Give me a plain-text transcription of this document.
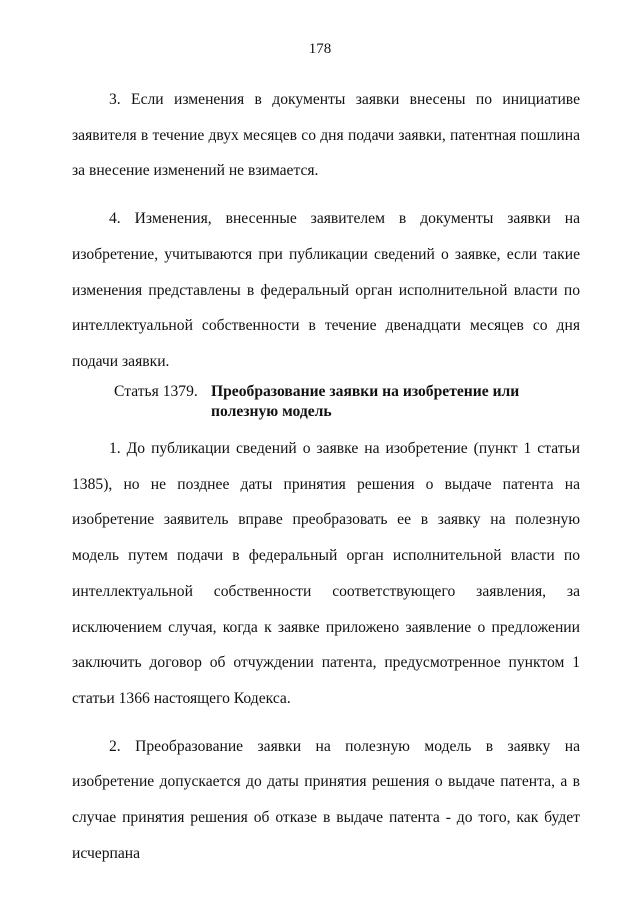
178

3. Если изменения в документы заявки внесены по инициативе заявителя в течение двух месяцев со дня подачи заявки, патентная пошлина за внесение изменений не взимается.

4. Изменения, внесенные заявителем в документы заявки на изобретение, учитываются при публикации сведений о заявке, если такие изменения представлены в федеральный орган исполнительной власти по интеллектуальной собственности в течение двенадцати месяцев со дня подачи заявки.

Статья 1379. Преобразование заявки на изобретение или полезную модель

1. До публикации сведений о заявке на изобретение (пункт 1 статьи 1385), но не позднее даты принятия решения о выдаче патента на изобретение заявитель вправе преобразовать ее в заявку на полезную модель путем подачи в федеральный орган исполнительной власти по интеллектуальной собственности соответствующего заявления, за исключением случая, когда к заявке приложено заявление о предложении заключить договор об отчуждении патента, предусмотренное пунктом 1 статьи 1366 настоящего Кодекса.

2. Преобразование заявки на полезную модель в заявку на изобретение допускается до даты принятия решения о выдаче патента, а в случае принятия решения об отказе в выдаче патента - до того, как будет исчерпана
